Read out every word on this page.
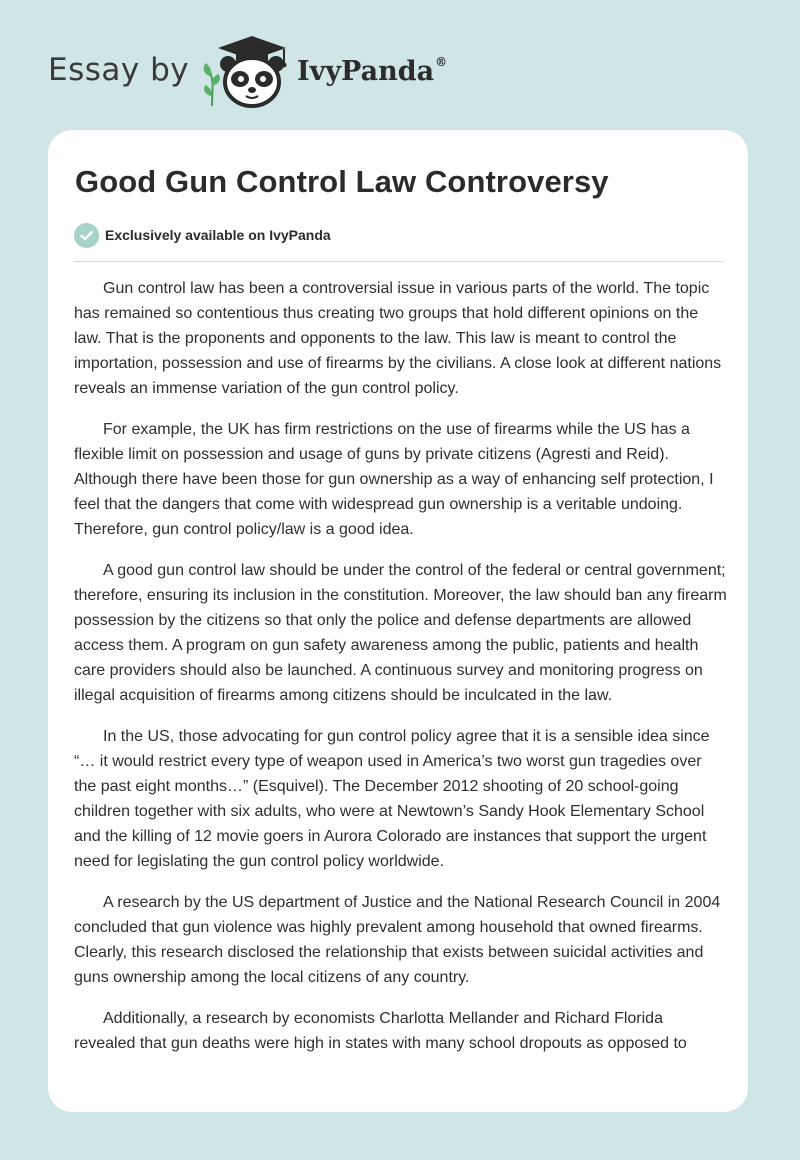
Essay by	IvyPanda®
Good Gun Control Law Controversy
Exclusively available on IvyPanda

Gun control law has been a controversial issue in various parts of the world. The topic has remained so contentious thus creating two groups that hold different opinions on the law. That is the proponents and opponents to the law. This law is meant to control the importation, possession and use of firearms by the civilians. A close look at different nations reveals an immense variation of the gun control policy.

For example, the UK has firm restrictions on the use of firearms while the US has a flexible limit on possession and usage of guns by private citizens (Agresti and Reid). Although there have been those for gun ownership as a way of enhancing self protection, I feel that the dangers that come with widespread gun ownership is a veritable undoing. Therefore, gun control policy/law is a good idea.

A good gun control law should be under the control of the federal or central government; therefore, ensuring its inclusion in the constitution. Moreover, the law should ban any firearm possession by the citizens so that only the police and defense departments are allowed access them. A program on gun safety awareness among the public, patients and health care providers should also be launched. A continuous survey and monitoring progress on illegal acquisition of firearms among citizens should be inculcated in the law.

In the US, those advocating for gun control policy agree that it is a sensible idea since “… it would restrict every type of weapon used in America’s two worst gun tragedies over the past eight months…” (Esquivel). The December 2012 shooting of 20 school-going children together with six adults, who were at Newtown’s Sandy Hook Elementary School and the killing of 12 movie goers in Aurora Colorado are instances that support the urgent need for legislating the gun control policy worldwide.

A research by the US department of Justice and the National Research Council in 2004 concluded that gun violence was highly prevalent among household that owned firearms. Clearly, this research disclosed the relationship that exists between suicidal activities and guns ownership among the local citizens of any country.

Additionally, a research by economists Charlotta Mellander and Richard Florida revealed that gun deaths were high in states with many school dropouts as opposed to
